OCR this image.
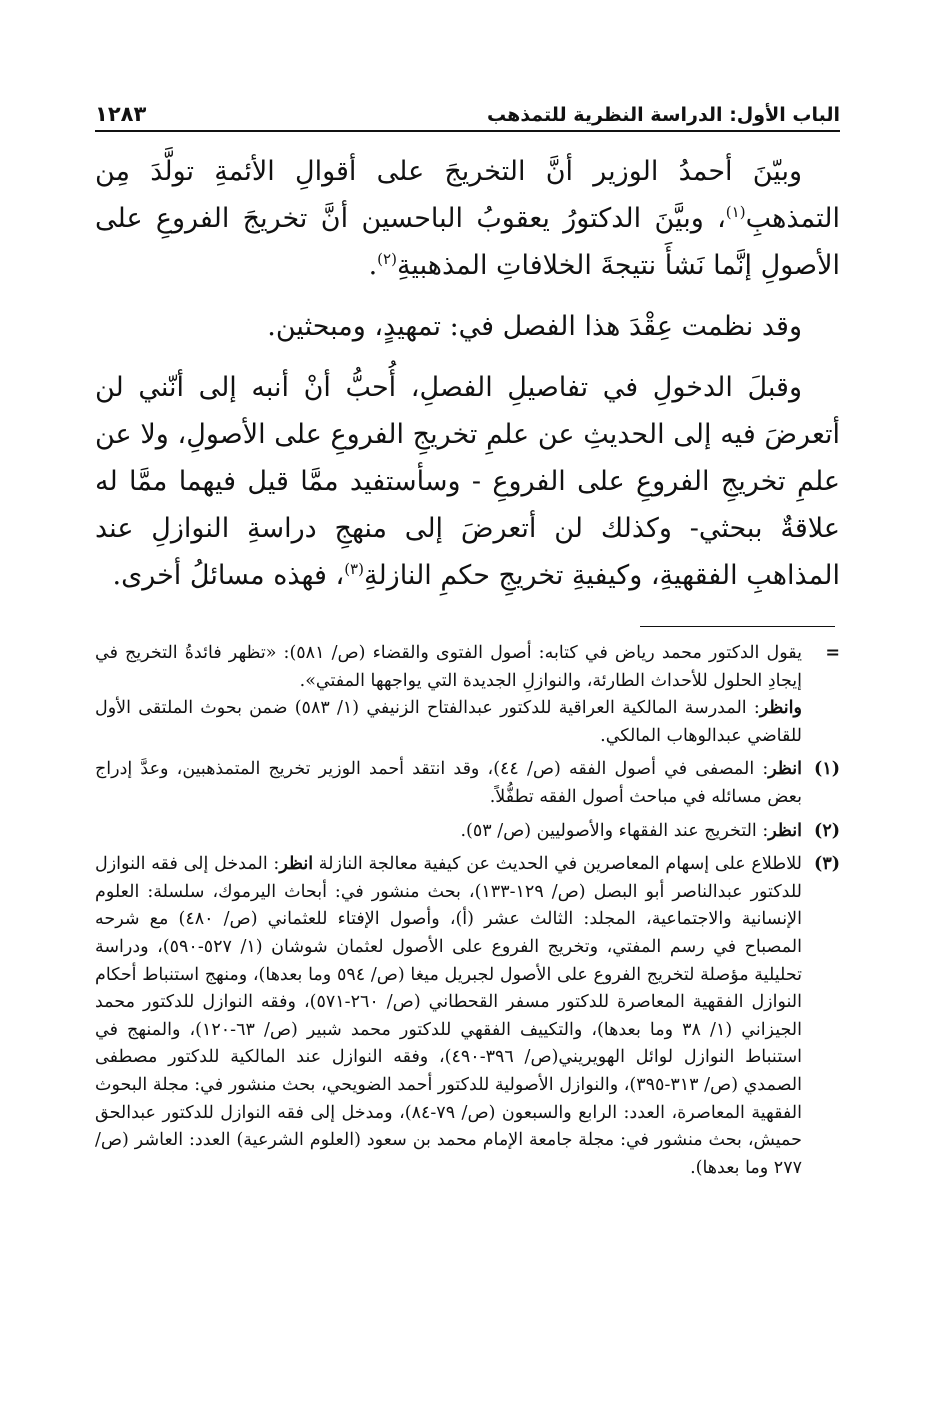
الباب الأول: الدراسة النظرية للتمذهب
١٢٨٣

وبيّنَ أحمدُ الوزير أنَّ التخريجَ على أقوالِ الأئمةِ تولَّدَ مِن التمذهبِ$^{(١)}$، وبيَّنَ الدكتورُ يعقوبُ الباحسين أنَّ تخريجَ الفروعِ على الأصولِ إنَّما نَشأَ نتيجةَ الخلافاتِ المذهبيةِ$^{(٢)}$.

وقد نظمت عِقْدَ هذا الفصل في: تمهيدٍ، ومبحثين.

وقبلَ الدخولِ في تفاصيلِ الفصلِ، أُحبُّ أنْ أنبه إلى أنّني لن أتعرضَ فيه إلى الحديثِ عن علمِ تخريجِ الفروعِ على الأصولِ، ولا عن علمِ تخريجِ الفروعِ على الفروعِ - وسأستفيد ممَّا قيل فيهما ممَّا له علاقةٌ ببحثي- وكذلك لن أتعرضَ إلى منهجِ دراسةِ النوازلِ عند المذاهبِ الفقهيةِ، وكيفيةِ تخريجِ حكمِ النازلةِ$^{(٣)}$، فهذه مسائلُ أخرى.

=
يقول الدكتور محمد رياض في كتابه: أصول الفتوى والقضاء (ص/ ٥٨١): «تظهر فائدةُ التخريج في إيجادِ الحلول للأحداث الطارئة، والنوازلِ الجديدة التي يواجهها المفتي».
وانظر: المدرسة المالكية العراقية للدكتور عبدالفتاح الزنيفي (١/ ٥٨٣) ضمن بحوث الملتقى الأول للقاضي عبدالوهاب المالكي.
(١)
انظر: المصفى في أصول الفقه (ص/ ٤٤)، وقد انتقد أحمد الوزير تخريج المتمذهبين، وعدَّ إدراج بعض مسائله في مباحث أصول الفقه تطفُّلاً.
(٢)
انظر: التخريج عند الفقهاء والأصوليين (ص/ ٥٣).
(٣)
للاطلاع على إسهام المعاصرين في الحديث عن كيفية معالجة النازلة انظر: المدخل إلى فقه النوازل للدكتور عبدالناصر أبو البصل (ص/ ١٢٩-١٣٣)، بحث منشور في: أبحاث اليرموك، سلسلة: العلوم الإنسانية والاجتماعية، المجلد: الثالث عشر (أ)، وأصول الإفتاء للعثماني (ص/ ٤٨٠) مع شرحه المصباح في رسم المفتي، وتخريج الفروع على الأصول لعثمان شوشان (١/ ٥٢٧-٥٩٠)، ودراسة تحليلية مؤصلة لتخريج الفروع على الأصول لجبريل ميغا (ص/ ٥٩٤ وما بعدها)، ومنهج استنباط أحكام النوازل الفقهية المعاصرة للدكتور مسفر القحطاني (ص/ ٢٦٠-٥٧١)، وفقه النوازل للدكتور محمد الجيزاني (١/ ٣٨ وما بعدها)، والتكييف الفقهي للدكتور محمد شبير (ص/ ٦٣-١٢٠)، والمنهج في استنباط النوازل لوائل الهويريني(ص/ ٣٩٦-٤٩٠)، وفقه النوازل عند المالكية للدكتور مصطفى الصمدي (ص/ ٣١٣-٣٩٥)، والنوازل الأصولية للدكتور أحمد الضويحي، بحث منشور في: مجلة البحوث الفقهية المعاصرة، العدد: الرابع والسبعون (ص/ ٧٩-٨٤)، ومدخل إلى فقه النوازل للدكتور عبدالحق حميش، بحث منشور في: مجلة جامعة الإمام محمد بن سعود (العلوم الشرعية) العدد: العاشر (ص/ ٢٧٧ وما بعدها).
